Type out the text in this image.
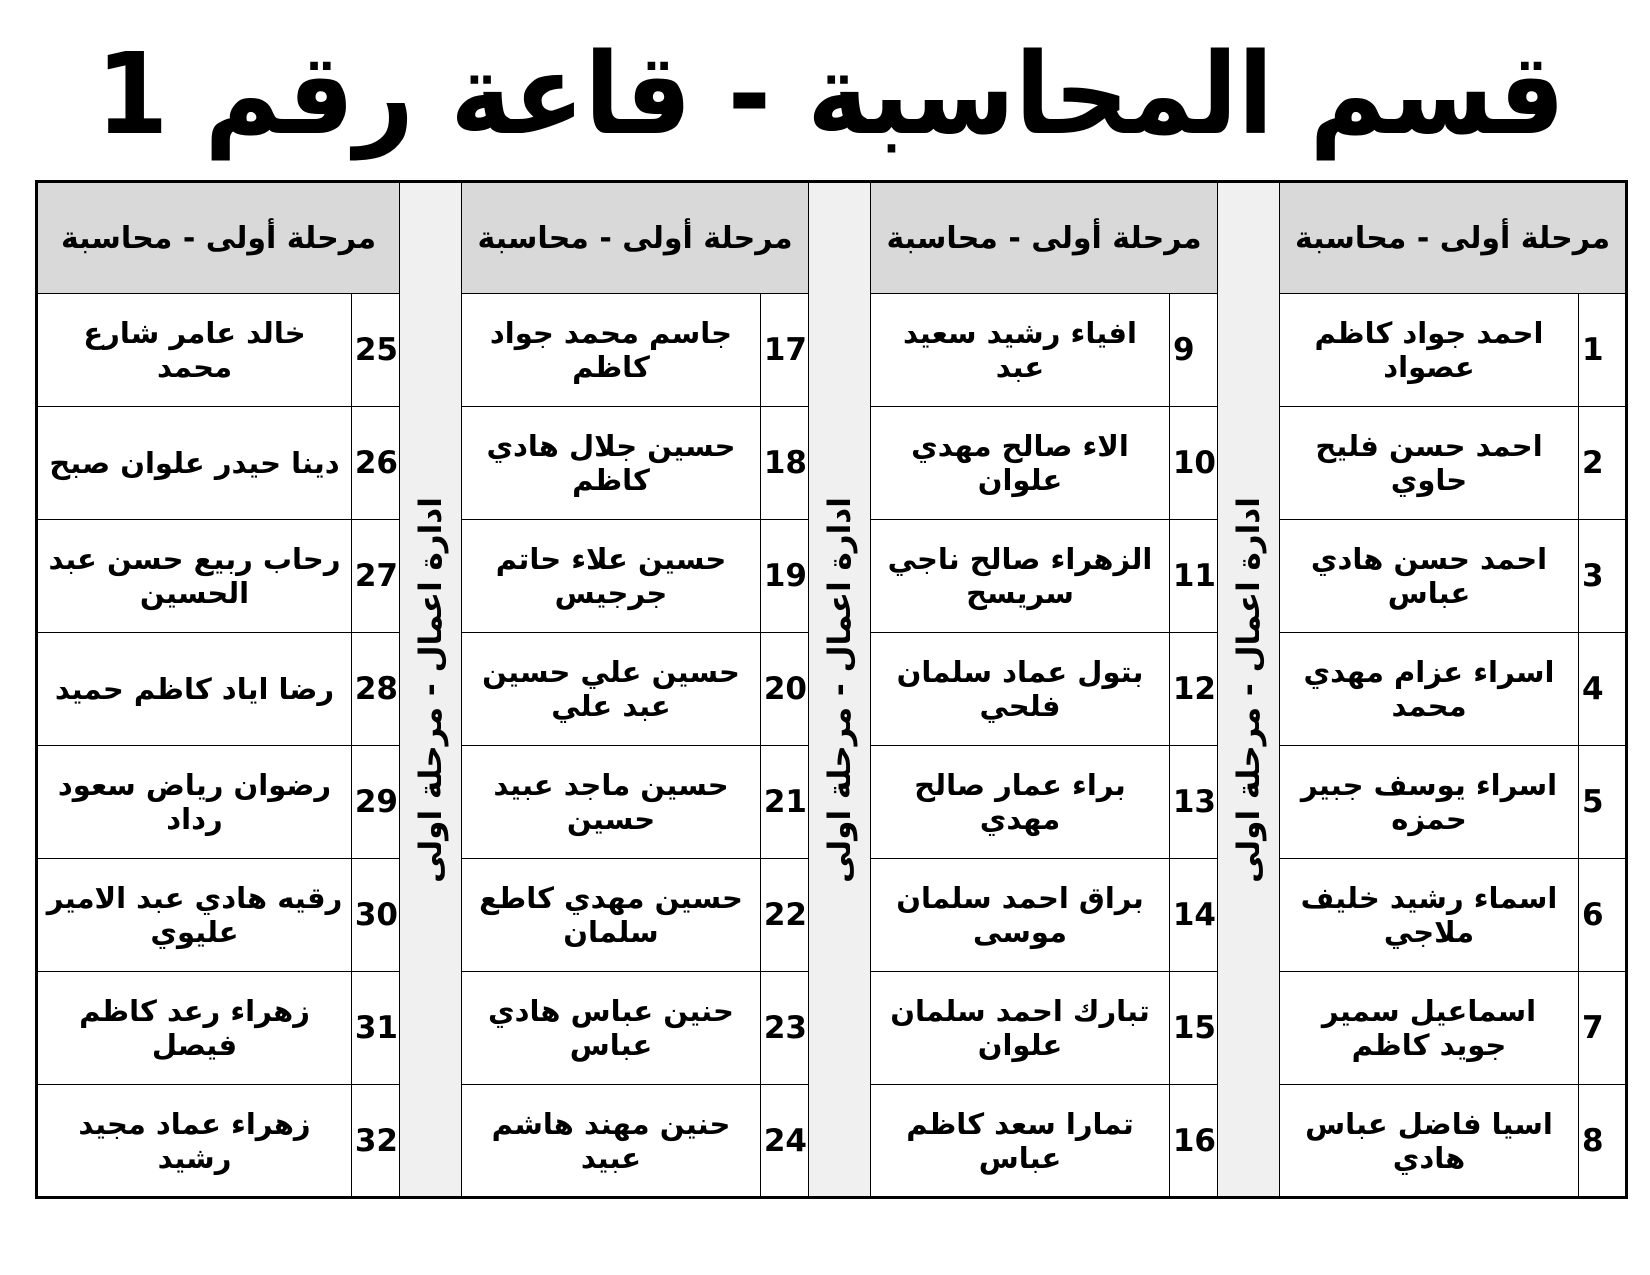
قسم المحاسبة - قاعة رقم 1
مرحلة أولى - محاسبة		ادارة اعمال - مرحلة اولى	مرحلة أولى - محاسبة		ادارة اعمال - مرحلة اولى	مرحلة أولى - محاسبة		ادارة اعمال - مرحلة اولى	مرحلة أولى - محاسبة	
1	احمد جواد كاظم عصواد		9	افياء رشيد سعيد عبد		17	جاسم محمد جواد كاظم		25	خالد عامر شارع محمد
2	احمد حسن فليح حاوي		10	الاء صالح مهدي علوان		18	حسين جلال هادي كاظم		26	دينا حيدر علوان صبح
3	احمد حسن هادي عباس		11	الزهراء صالح ناجي سريسح		19	حسين علاء حاتم جرجيس		27	رحاب ربيع حسن عبد الحسين
4	اسراء عزام مهدي محمد		12	بتول عماد سلمان فلحي		20	حسين علي حسين عبد علي		28	رضا اياد كاظم حميد
5	اسراء يوسف جبير حمزه		13	براء عمار صالح مهدي		21	حسين ماجد عبيد حسين		29	رضوان رياض سعود رداد
6	اسماء رشيد خليف ملاجي		14	براق احمد سلمان موسى		22	حسين مهدي كاطع سلمان		30	رقيه هادي عبد الامير عليوي
7	اسماعيل سمير جويد كاظم		15	تبارك احمد سلمان علوان		23	حنين عباس هادي عباس		31	زهراء رعد كاظم فيصل
8	اسيا فاضل عباس هادي		16	تمارا سعد كاظم عباس		24	حنين مهند هاشم عبيد		32	زهراء عماد مجيد رشيد
